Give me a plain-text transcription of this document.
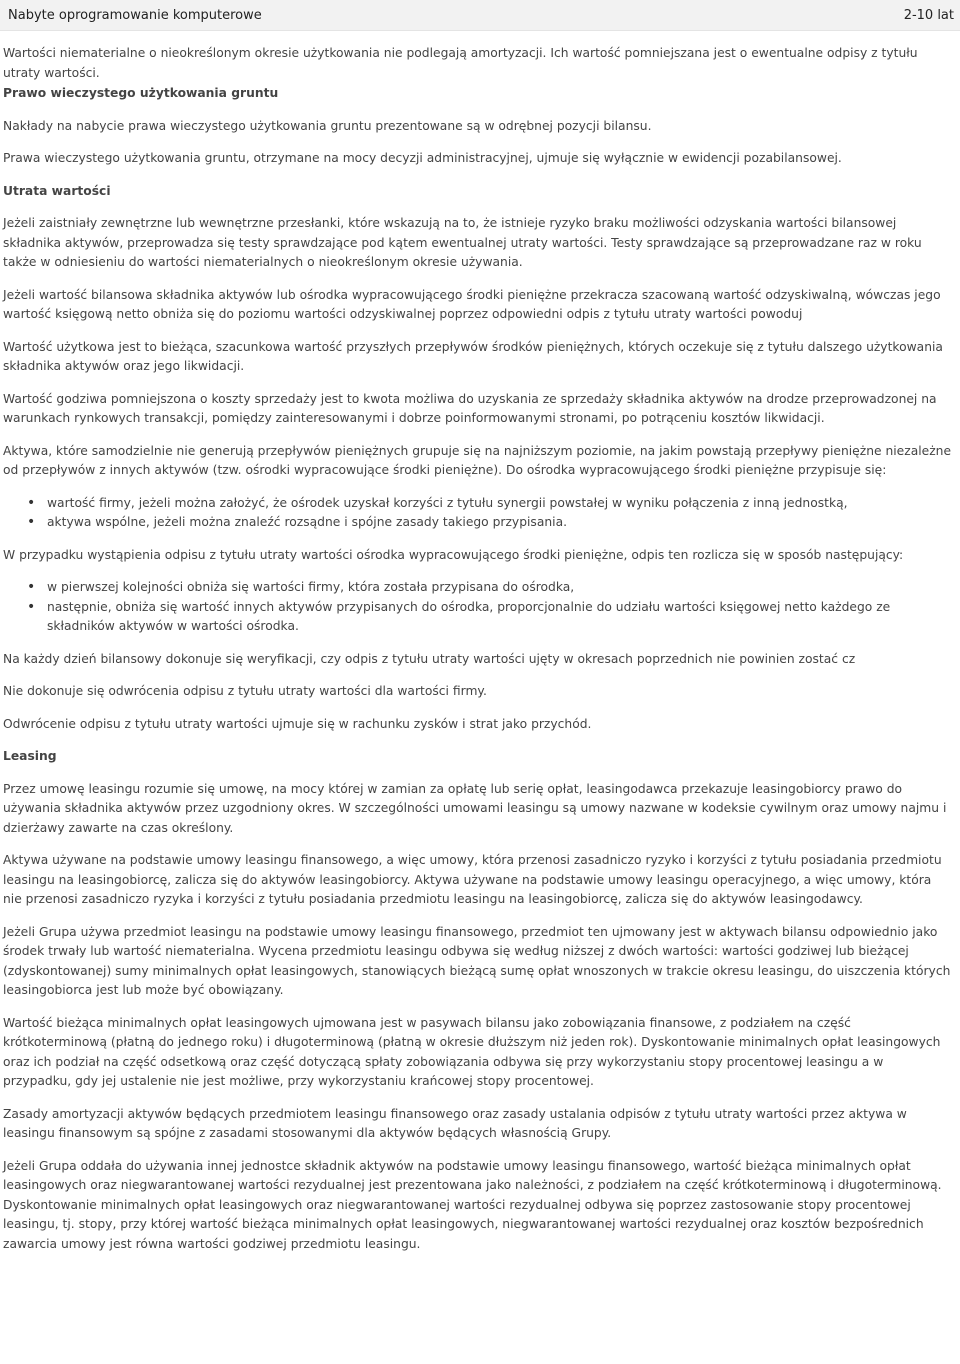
Nabyte oprogramowanie komputerowe	2-10 lat

Wartości niematerialne o nieokreślonym okresie użytkowania nie podlegają amortyzacji. Ich wartość pomniejszana jest o ewentualne odpisy z tytułu utraty wartości.

Prawo wieczystego użytkowania gruntu

Nakłady na nabycie prawa wieczystego użytkowania gruntu prezentowane są w odrębnej pozycji bilansu.

Prawa wieczystego użytkowania gruntu, otrzymane na mocy decyzji administracyjnej, ujmuje się wyłącznie w ewidencji pozabilansowej.

Utrata wartości

Jeżeli zaistniały zewnętrzne lub wewnętrzne przesłanki, które wskazują na to, że istnieje ryzyko braku możliwości odzyskania wartości bilansowej składnika aktywów, przeprowadza się testy sprawdzające pod kątem ewentualnej utraty wartości. Testy sprawdzające są przeprowadzane raz w roku także w odniesieniu do wartości niematerialnych o nieokreślonym okresie używania.

Jeżeli wartość bilansowa składnika aktywów lub ośrodka wypracowującego środki pieniężne przekracza szacowaną wartość odzyskiwalną, wówczas jego wartość księgową netto obniża się do poziomu wartości odzyskiwalnej poprzez odpowiedni odpis z tytułu utraty wartości powoduj

Wartość użytkowa jest to bieżąca, szacunkowa wartość przyszłych przepływów środków pieniężnych, których oczekuje się z tytułu dalszego użytkowania składnika aktywów oraz jego likwidacji.

Wartość godziwa pomniejszona o koszty sprzedaży jest to kwota możliwa do uzyskania ze sprzedaży składnika aktywów na drodze przeprowadzonej na warunkach rynkowych transakcji, pomiędzy zainteresowanymi i dobrze poinformowanymi stronami, po potrąceniu kosztów likwidacji.

Aktywa, które samodzielnie nie generują przepływów pieniężnych grupuje się na najniższym poziomie, na jakim powstają przepływy pieniężne niezależne od przepływów z innych aktywów (tzw. ośrodki wypracowujące środki pieniężne). Do ośrodka wypracowującego środki pieniężne przypisuje się:

• wartość firmy, jeżeli można założyć, że ośrodek uzyskał korzyści z tytułu synergii powstałej w wyniku połączenia z inną jednostką,
• aktywa wspólne, jeżeli można znaleźć rozsądne i spójne zasady takiego przypisania.

W przypadku wystąpienia odpisu z tytułu utraty wartości ośrodka wypracowującego środki pieniężne, odpis ten rozlicza się w sposób następujący:

• w pierwszej kolejności obniża się wartości firmy, która została przypisana do ośrodka,
• następnie, obniża się wartość innych aktywów przypisanych do ośrodka, proporcjonalnie do udziału wartości księgowej netto każdego ze składników aktywów w wartości ośrodka.

Na każdy dzień bilansowy dokonuje się weryfikacji, czy odpis z tytułu utraty wartości ujęty w okresach poprzednich nie powinien zostać cz

Nie dokonuje się odwrócenia odpisu z tytułu utraty wartości dla wartości firmy.

Odwrócenie odpisu z tytułu utraty wartości ujmuje się w rachunku zysków i strat jako przychód.

Leasing

Przez umowę leasingu rozumie się umowę, na mocy której w zamian za opłatę lub serię opłat, leasingodawca przekazuje leasingobiorcy prawo do używania składnika aktywów przez uzgodniony okres. W szczególności umowami leasingu są umowy nazwane w kodeksie cywilnym oraz umowy najmu i dzierżawy zawarte na czas określony.

Aktywa używane na podstawie umowy leasingu finansowego, a więc umowy, która przenosi zasadniczo ryzyko i korzyści z tytułu posiadania przedmiotu leasingu na leasingobiorcę, zalicza się do aktywów leasingobiorcy. Aktywa używane na podstawie umowy leasingu operacyjnego, a więc umowy, która nie przenosi zasadniczo ryzyka i korzyści z tytułu posiadania przedmiotu leasingu na leasingobiorcę, zalicza się do aktywów leasingodawcy.

Jeżeli Grupa używa przedmiot leasingu na podstawie umowy leasingu finansowego, przedmiot ten ujmowany jest w aktywach bilansu odpowiednio jako środek trwały lub wartość niematerialna. Wycena przedmiotu leasingu odbywa się według niższej z dwóch wartości: wartości godziwej lub bieżącej (zdyskontowanej) sumy minimalnych opłat leasingowych, stanowiących bieżącą sumę opłat wnoszonych w trakcie okresu leasingu, do uiszczenia których leasingobiorca jest lub może być obowiązany.

Wartość bieżąca minimalnych opłat leasingowych ujmowana jest w pasywach bilansu jako zobowiązania finansowe, z podziałem na część krótkoterminową (płatną do jednego roku) i długoterminową (płatną w okresie dłuższym niż jeden rok). Dyskontowanie minimalnych opłat leasingowych oraz ich podział na część odsetkową oraz część dotyczącą spłaty zobowiązania odbywa się przy wykorzystaniu stopy procentowej leasingu a w przypadku, gdy jej ustalenie nie jest możliwe, przy wykorzystaniu krańcowej stopy procentowej.

Zasady amortyzacji aktywów będących przedmiotem leasingu finansowego oraz zasady ustalania odpisów z tytułu utraty wartości przez aktywa w leasingu finansowym są spójne z zasadami stosowanymi dla aktywów będących własnością Grupy.

Jeżeli Grupa oddała do używania innej jednostce składnik aktywów na podstawie umowy leasingu finansowego, wartość bieżąca minimalnych opłat leasingowych oraz niegwarantowanej wartości rezydualnej jest prezentowana jako należności, z podziałem na część krótkoterminową i długoterminową. Dyskontowanie minimalnych opłat leasingowych oraz niegwarantowanej wartości rezydualnej odbywa się poprzez zastosowanie stopy procentowej leasingu, tj. stopy, przy której wartość bieżąca minimalnych opłat leasingowych, niegwarantowanej wartości rezydualnej oraz kosztów bezpośrednich zawarcia umowy jest równa wartości godziwej przedmiotu leasingu.
